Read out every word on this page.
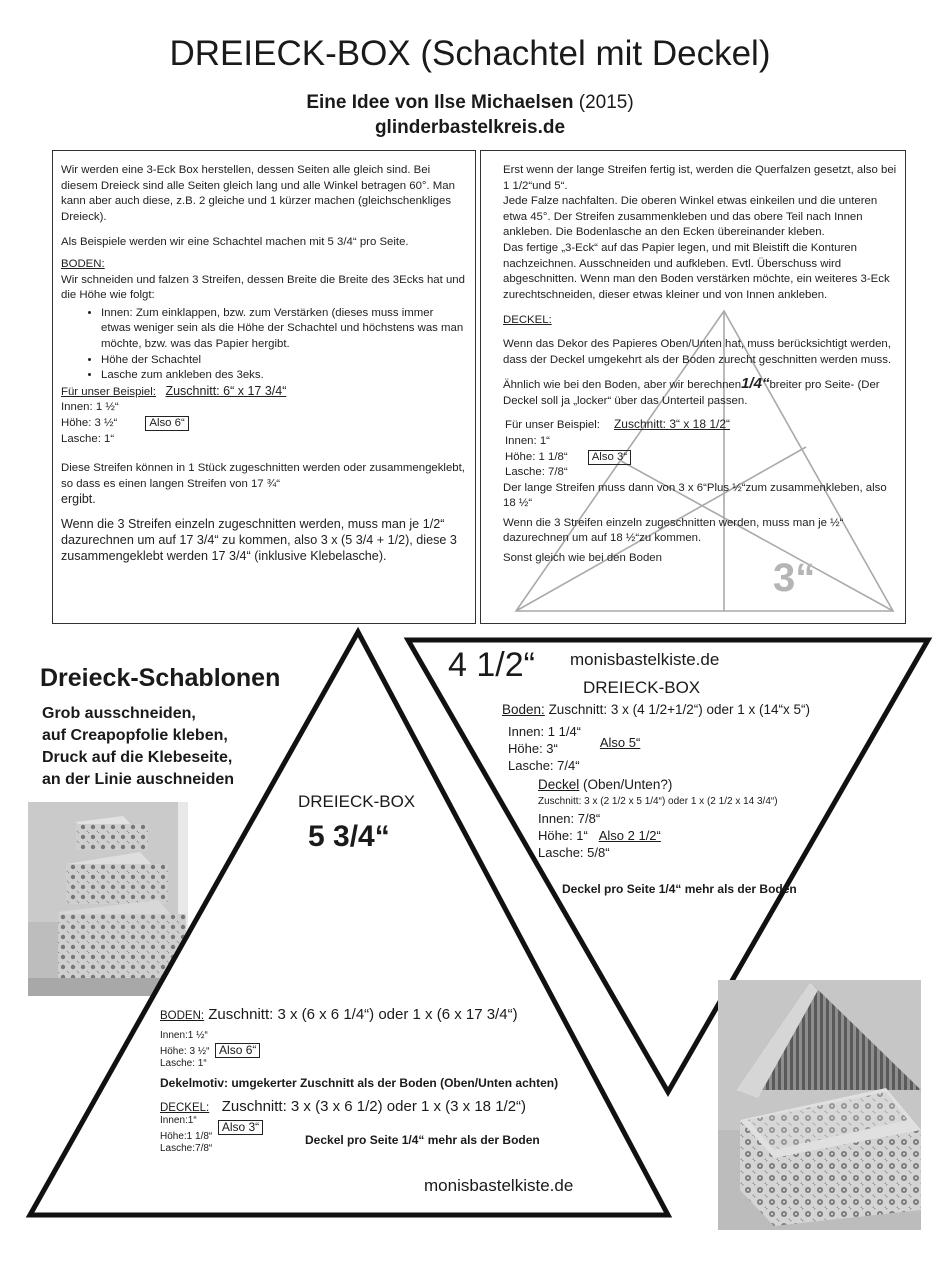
DREIECK-BOX (Schachtel mit Deckel)
Eine Idee von Ilse Michaelsen (2015)
glinderbastelkreis.de

Wir werden eine 3-Eck Box herstellen, dessen Seiten alle gleich sind. Bei diesem Dreieck sind alle Seiten gleich lang und alle Winkel betragen 60°. Man kann aber auch diese, z.B. 2 gleiche und 1 kürzer machen (gleichschenkliges Dreieck).

Als Beispiele werden wir eine Schachtel machen mit 5 3/4“ pro Seite.

BODEN:

Wir schneiden und falzen 3 Streifen, dessen Breite die Breite des 3Ecks hat und die Höhe wie folgt:

• Innen: Zum einklappen, bzw. zum Verstärken (dieses muss immer etwas weniger sein als die Höhe der Schachtel und höchstens was man möchte, bzw. was das Papier hergibt.
• Höhe der Schachtel
• Lasche zum ankleben des 3eks.

Für unser Beispiel: Zuschnitt: 6“ x 17 3/4“

Innen: 1 ½“

Höhe: 3 ½“	Also 6“

Lasche: 1“

Diese Streifen können in 1 Stück zugeschnitten werden oder zusammengeklebt, so dass es einen langen Streifen von 17 ¾“

ergibt.

Wenn die 3 Streifen einzeln zugeschnitten werden, muss man je 1/2“ dazurechnen um auf 17 3/4“ zu kommen, also 3 x (5 3/4 + 1/2), diese 3 zusammengeklebt werden 17 3/4“ (inklusive Klebelasche).

3“

Erst wenn der lange Streifen fertig ist, werden die Querfalzen gesetzt, also bei 1 1/2“und 5“.

Jede Falze nachfalten. Die oberen Winkel etwas einkeilen und die unteren etwa 45°. Der Streifen zusammenkleben und das obere Teil nach Innen ankleben. Die Bodenlasche an den Ecken übereinander kleben.

Das fertige „3-Eck“ auf das Papier legen, und mit Bleistift die Konturen nachzeichnen. Ausschneiden und aufkleben. Evtl. Überschuss wird abgeschnitten. Wenn man den Boden verstärken möchte, ein weiteres 3-Eck zurechtschneiden, dieser etwas kleiner und von Innen ankleben.

DECKEL:

Wenn das Dekor des Papieres Oben/Unten hat, muss berücksichtigt werden, dass der Deckel umgekehrt als der Boden zurecht geschnitten werden muss.

Ähnlich wie bei den Boden, aber wir berechnen1/4“breiter pro Seite- (Der Deckel soll ja „locker“ über das Unterteil passen.

Für unser Beispiel: Zuschnitt: 3“ x 18 1/2“

Innen: 1“

Höhe: 1 1/8“ Also 3“

Lasche: 7/8“

Der lange Streifen muss dann von 3 x 6“Plus ½“zum zusammenkleben, also 18 ½“

Wenn die 3 Streifen einzeln zugeschnitten werden, muss man je ½“ dazurechnen um auf 18 ½“zu kommen.

Sonst gleich wie bei den Boden

Dreieck-Schablonen
Grob ausschneiden,
auf Creapopfolie kleben,
Druck auf die Klebeseite,
an der Linie auschneiden
DREIECK-BOX
5 3/4“
BODEN: Zuschnitt: 3 x (6 x 6 1/4“) oder 1 x (6 x 17 3/4“)
Innen:1 ½“
Höhe: 3 ½“ Also 6“
Lasche: 1“
Dekelmotiv: umgekerter Zuschnitt als der Boden (Oben/Unten achten)
DECKEL: Zuschnitt: 3 x (3 x 6 1/2) oder 1 x (3 x 18 1/2“)
Innen:1“
Höhe:1 1/8“  Also 3“
Lasche:7/8“
Deckel pro Seite 1/4“ mehr als der Boden
monisbastelkiste.de
4 1/2“ monisbastelkiste.de
DREIECK-BOX
Boden: Zuschnitt: 3 x (4 1/2+1/2“) oder 1 x (14“x 5“)
Innen: 1 1/4“
Höhe: 3“	Also 5“
Lasche: 7/4“
Deckel (Oben/Unten?)
Zuschnitt: 3 x (2 1/2 x 5 1/4“) oder 1 x (2 1/2 x 14 3/4“)
Innen: 7/8“
Höhe: 1“ Also 2 1/2“
Lasche: 5/8“
Deckel pro Seite 1/4“ mehr als der Boden
